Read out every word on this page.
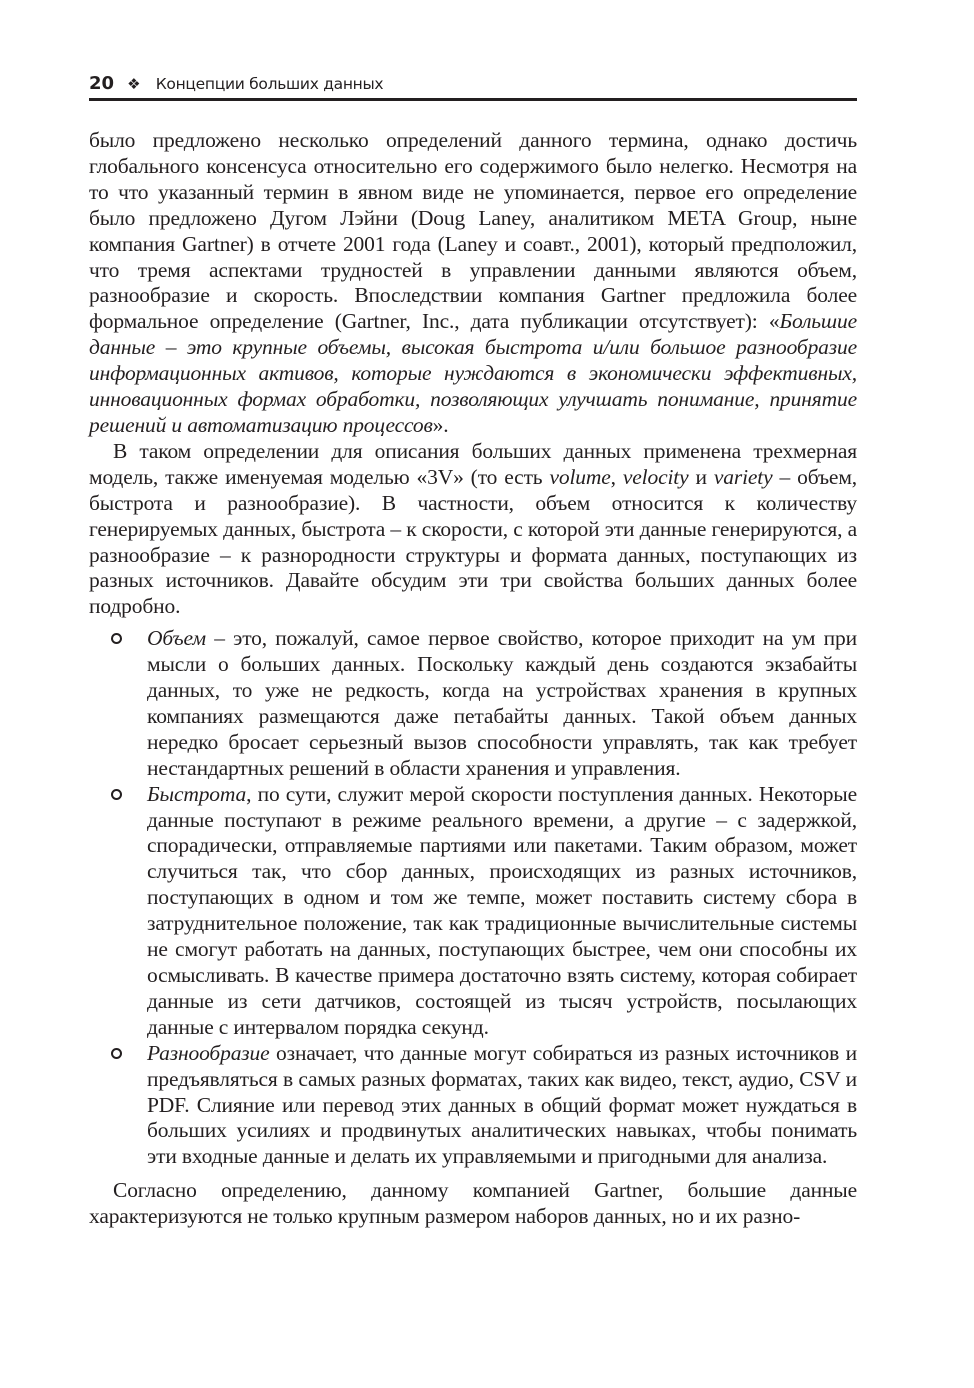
20 ❖ Концепции больших данных

было предложено несколько определений данного термина, однако достичь глобального консенсуса относительно его содержимого было нелегко. Несмотря на то что указанный термин в явном виде не упоминается, первое его определение было предложено Дугом Лэйни (Doug Laney, аналитиком META Group, ныне компания Gartner) в отчете 2001 года (Laney и соавт., 2001), который предположил, что тремя аспектами трудностей в управлении данными являются объем, разнообразие и скорость. Впоследствии компания Gartner предложила более формальное определение (Gartner, Inc., дата публикации отсутствует): «Большие данные – это крупные объемы, высокая быстрота и/или большое разнообразие информационных активов, которые нуждаются в экономически эффективных, инновационных формах обработки, позволяющих улучшать понимание, принятие решений и автоматизацию процессов».

В таком определении для описания больших данных применена трехмерная модель, также именуемая моделью «3V» (то есть volume, velocity и variety – объем, быстрота и разнообразие). В частности, объем относится к количеству генерируемых данных, быстрота – к скорости, с которой эти данные генерируются, а разнообразие – к разнородности структуры и формата данных, поступающих из разных источников. Давайте обсудим эти три свойства больших данных более подробно.

Объем – это, пожалуй, самое первое свойство, которое приходит на ум при мысли о больших данных. Поскольку каждый день создаются экзабайты данных, то уже не редкость, когда на устройствах хранения в крупных компаниях размещаются даже петабайты данных. Такой объем данных нередко бросает серьезный вызов способности управлять, так как требует нестандартных решений в области хранения и управления.
Быстрота, по сути, служит мерой скорости поступления данных. Некоторые данные поступают в режиме реального времени, а другие – с задержкой, спорадически, отправляемые партиями или пакетами. Таким образом, может случиться так, что сбор данных, происходящих из разных источников, поступающих в одном и том же темпе, может поставить систему сбора в затруднительное положение, так как традиционные вычислительные системы не смогут работать на данных, поступающих быстрее, чем они способны их осмысливать. В качестве примера достаточно взять систему, которая собирает данные из сети датчиков, состоящей из тысяч устройств, посылающих данные с интервалом порядка секунд.
Разнообразие означает, что данные могут собираться из разных источников и предъявляться в самых разных форматах, таких как видео, текст, аудио, CSV и PDF. Слияние или перевод этих данных в общий формат может нуждаться в больших усилиях и продвинутых аналитических навыках, чтобы понимать эти входные данные и делать их управляемыми и пригодными для анализа.

Согласно определению, данному компанией Gartner, большие данные характеризуются не только крупным размером наборов данных, но и их разно-
